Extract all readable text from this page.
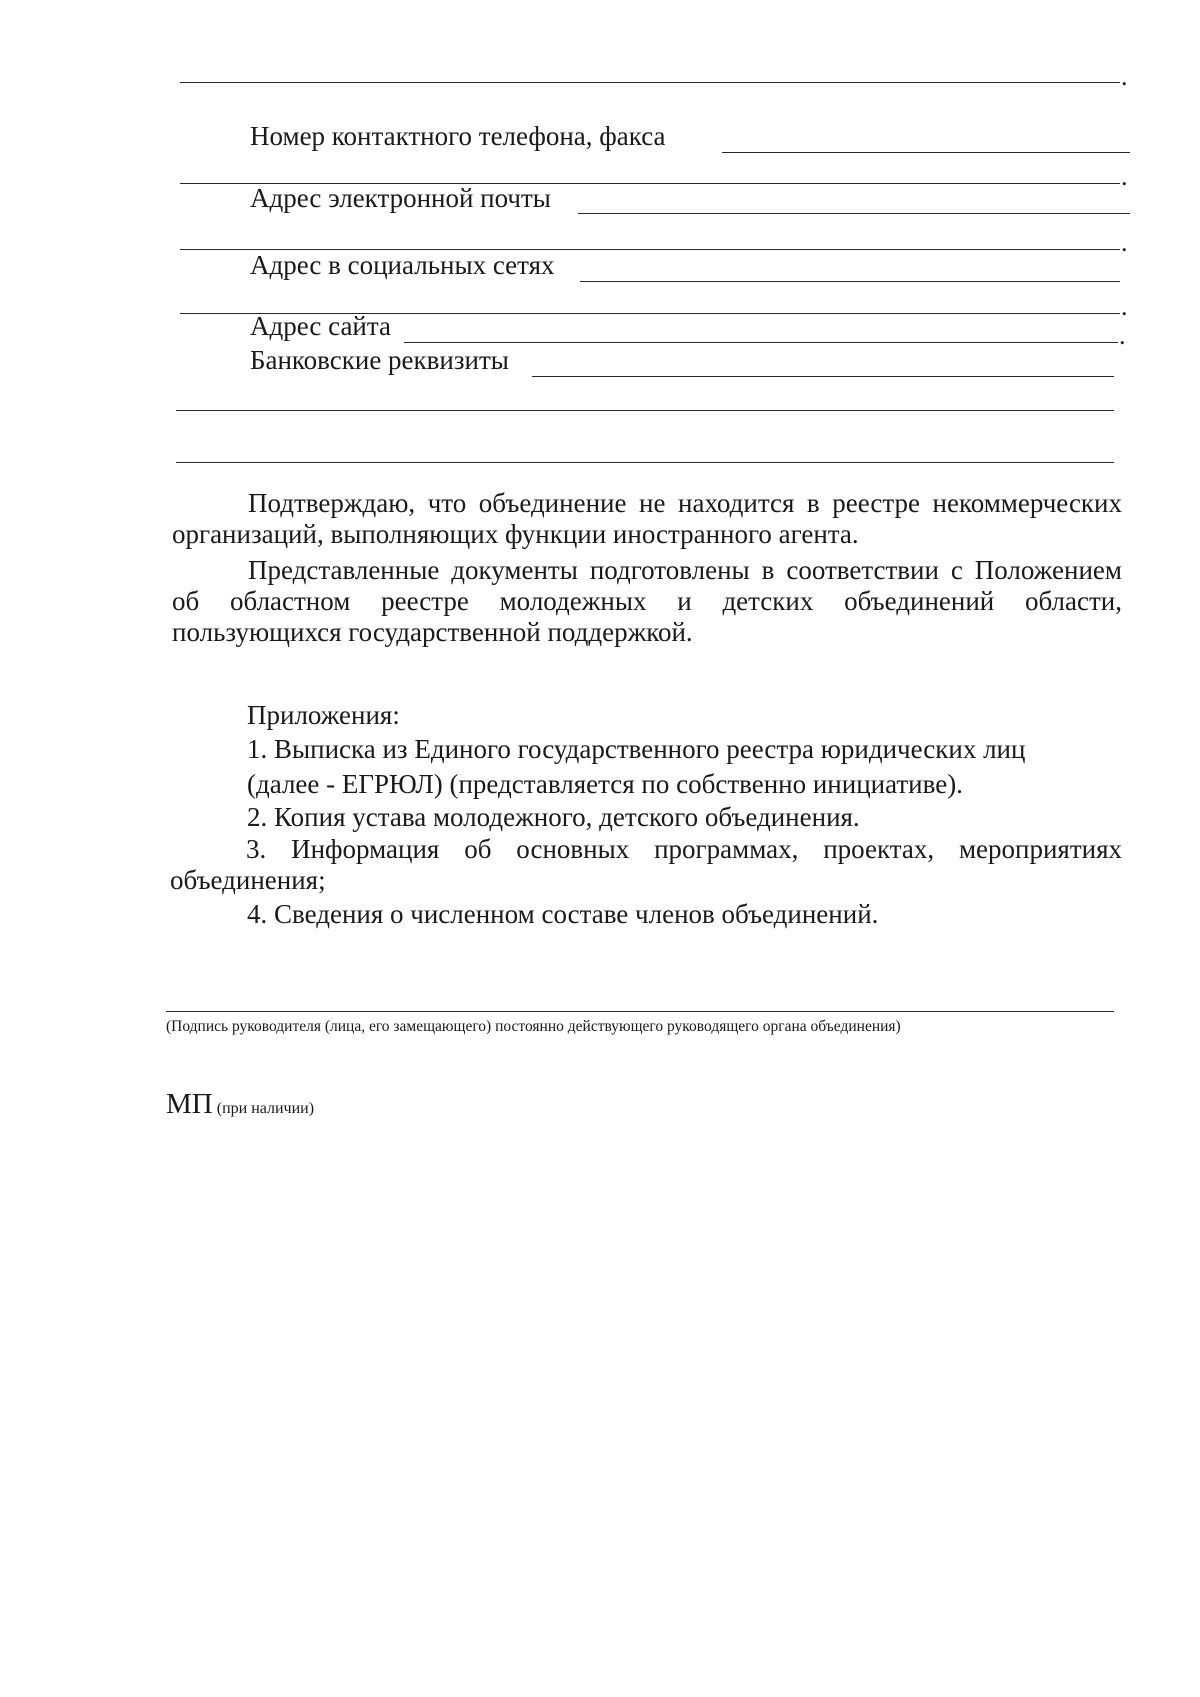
.
Номер контактного телефона, факса
.
Адрес электронной почты
.
Адрес в социальных сетях
.
Адрес сайта	.
Банковские реквизиты
Подтверждаю, что объединение не находится в реестре некоммерческих организаций, выполняющих функции иностранного агента.
Представленные документы подготовлены в соответствии с Положением об областном реестре молодежных и детских объединений области, пользующихся государственной поддержкой.
Приложения:
1. Выписка из Единого государственного реестра юридических лиц
(далее - ЕГРЮЛ) (представляется по собственно инициативе).
2. Копия устава молодежного, детского объединения.
3. Информация об основных программах, проектах, мероприятиях объединения;
4. Сведения о численном составе членов объединений.
(Подпись руководителя (лица, его замещающего) постоянно действующего руководящего органа объединения)
МП (при наличии)
